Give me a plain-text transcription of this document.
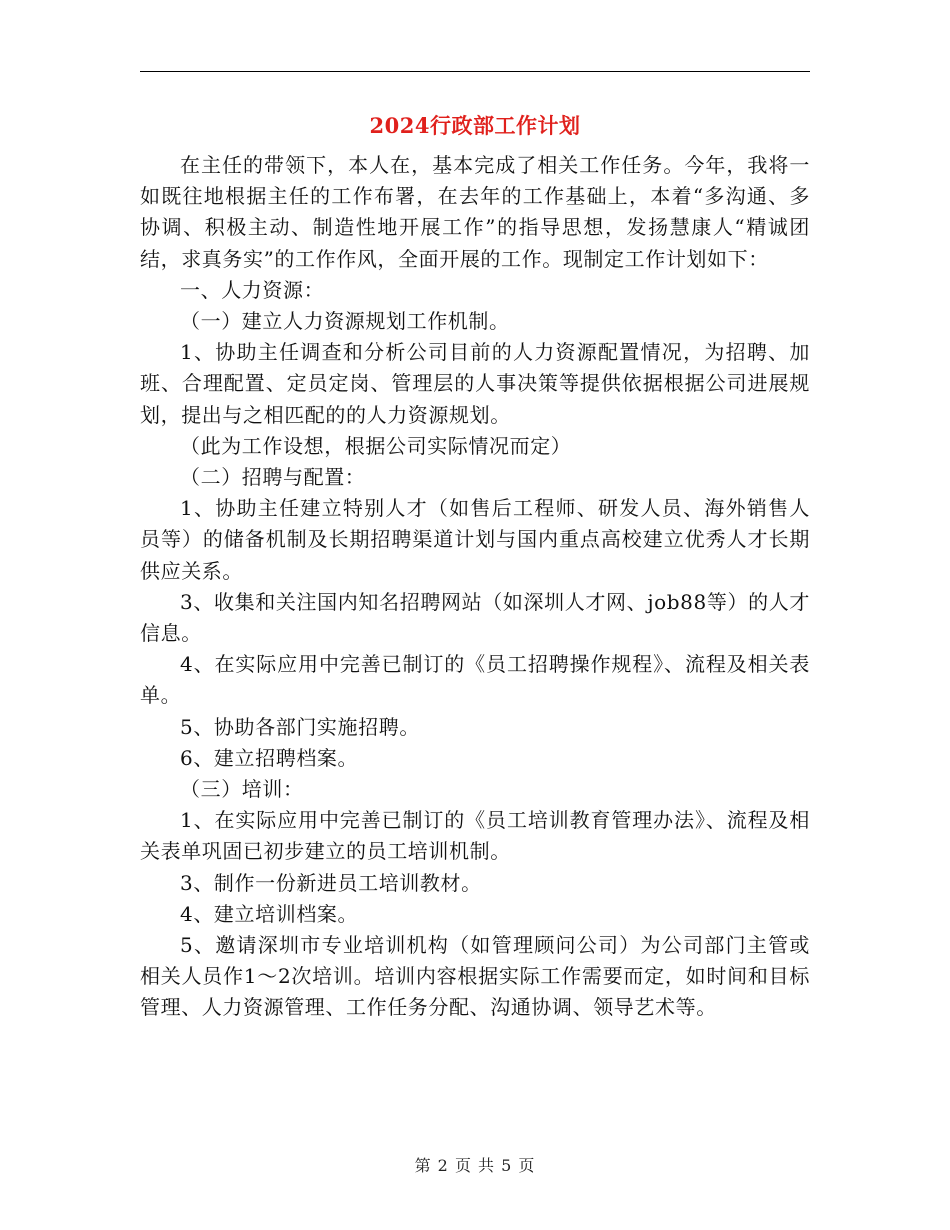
2024行政部工作计划

在主任的带领下，本人在，基本完成了相关工作任务。今年，我将一如既往地根据主任的工作布署，在去年的工作基础上，本着“多沟通、多协调、积极主动、制造性地开展工作”的指导思想，发扬慧康人“精诚团结，求真务实”的工作作风，全面开展的工作。现制定工作计划如下：

一、人力资源：

（一）建立人力资源规划工作机制。

1、协助主任调查和分析公司目前的人力资源配置情况，为招聘、加班、合理配置、定员定岗、管理层的人事决策等提供依据根据公司进展规划，提出与之相匹配的的人力资源规划。

（此为工作设想，根据公司实际情况而定）

（二）招聘与配置：

1、协助主任建立特别人才（如售后工程师、研发人员、海外销售人员等）的储备机制及长期招聘渠道计划与国内重点高校建立优秀人才长期供应关系。

3、收集和关注国内知名招聘网站（如深圳人才网、job88等）的人才信息。

4、在实际应用中完善已制订的《员工招聘操作规程》、流程及相关表单。

5、协助各部门实施招聘。

6、建立招聘档案。

（三）培训：

1、在实际应用中完善已制订的《员工培训教育管理办法》、流程及相关表单巩固已初步建立的员工培训机制。

3、制作一份新进员工培训教材。

4、建立培训档案。

5、邀请深圳市专业培训机构（如管理顾问公司）为公司部门主管或相关人员作1～2次培训。培训内容根据实际工作需要而定，如时间和目标管理、人力资源管理、工作任务分配、沟通协调、领导艺术等。

第 2 页 共 5 页
